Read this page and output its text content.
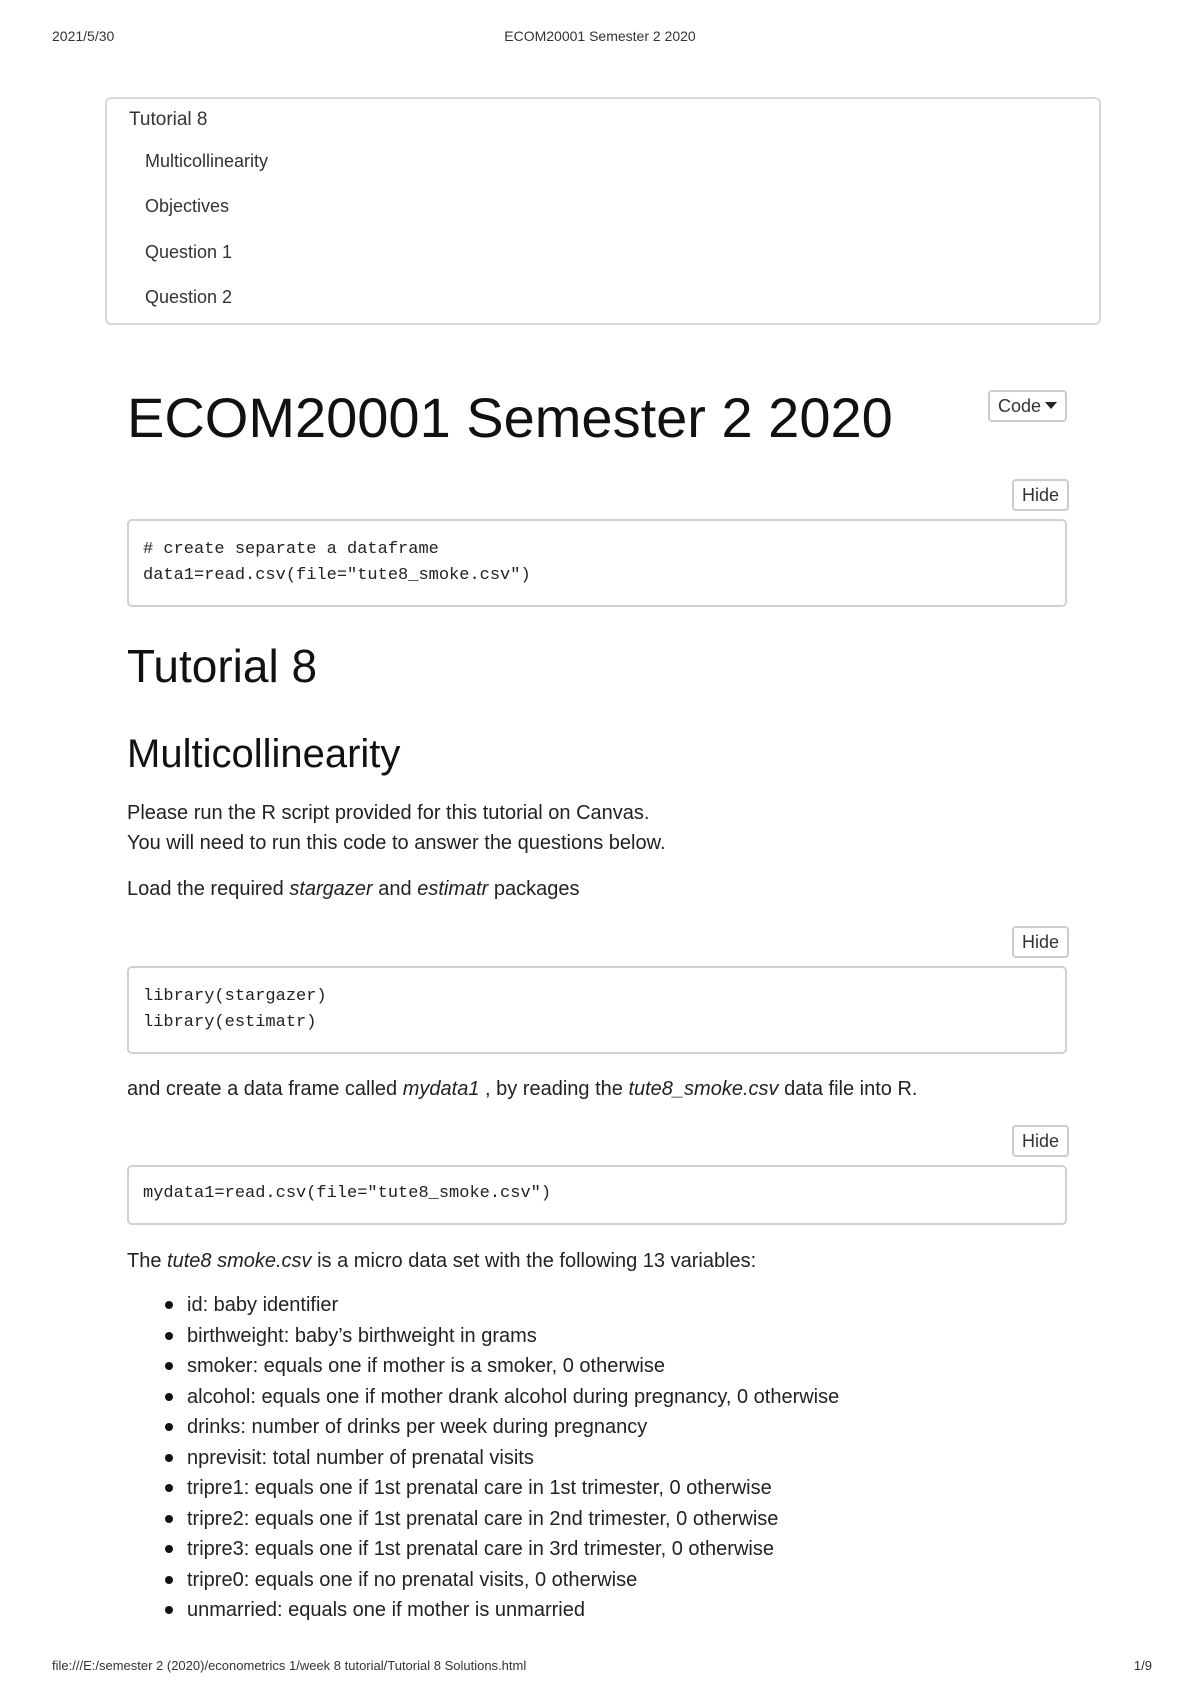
2021/5/30	ECOM20001 Semester 2 2020
Tutorial 8
Multicollinearity
Objectives
Question 1
Question 2
ECOM20001 Semester 2 2020	Code
Hide
# create separate a dataframe
data1=read.csv(file="tute8_smoke.csv")
Tutorial 8
Multicollinearity

Please run the R script provided for this tutorial on Canvas.
You will need to run this code to answer the questions below.

Load the required stargazer and estimatr packages

Hide
library(stargazer)
library(estimatr)

and create a data frame called mydata1 , by reading the tute8_smoke.csv data file into R.

Hide
mydata1=read.csv(file="tute8_smoke.csv")

The tute8 smoke.csv is a micro data set with the following 13 variables:

id: baby identifier
birthweight: baby’s birthweight in grams
smoker: equals one if mother is a smoker, 0 otherwise
alcohol: equals one if mother drank alcohol during pregnancy, 0 otherwise
drinks: number of drinks per week during pregnancy
nprevisit: total number of prenatal visits
tripre1: equals one if 1st prenatal care in 1st trimester, 0 otherwise
tripre2: equals one if 1st prenatal care in 2nd trimester, 0 otherwise
tripre3: equals one if 1st prenatal care in 3rd trimester, 0 otherwise
tripre0: equals one if no prenatal visits, 0 otherwise
unmarried: equals one if mother is unmarried
file:///E:/semester 2 (2020)/econometrics 1/week 8 tutorial/Tutorial 8 Solutions.html	1/9
